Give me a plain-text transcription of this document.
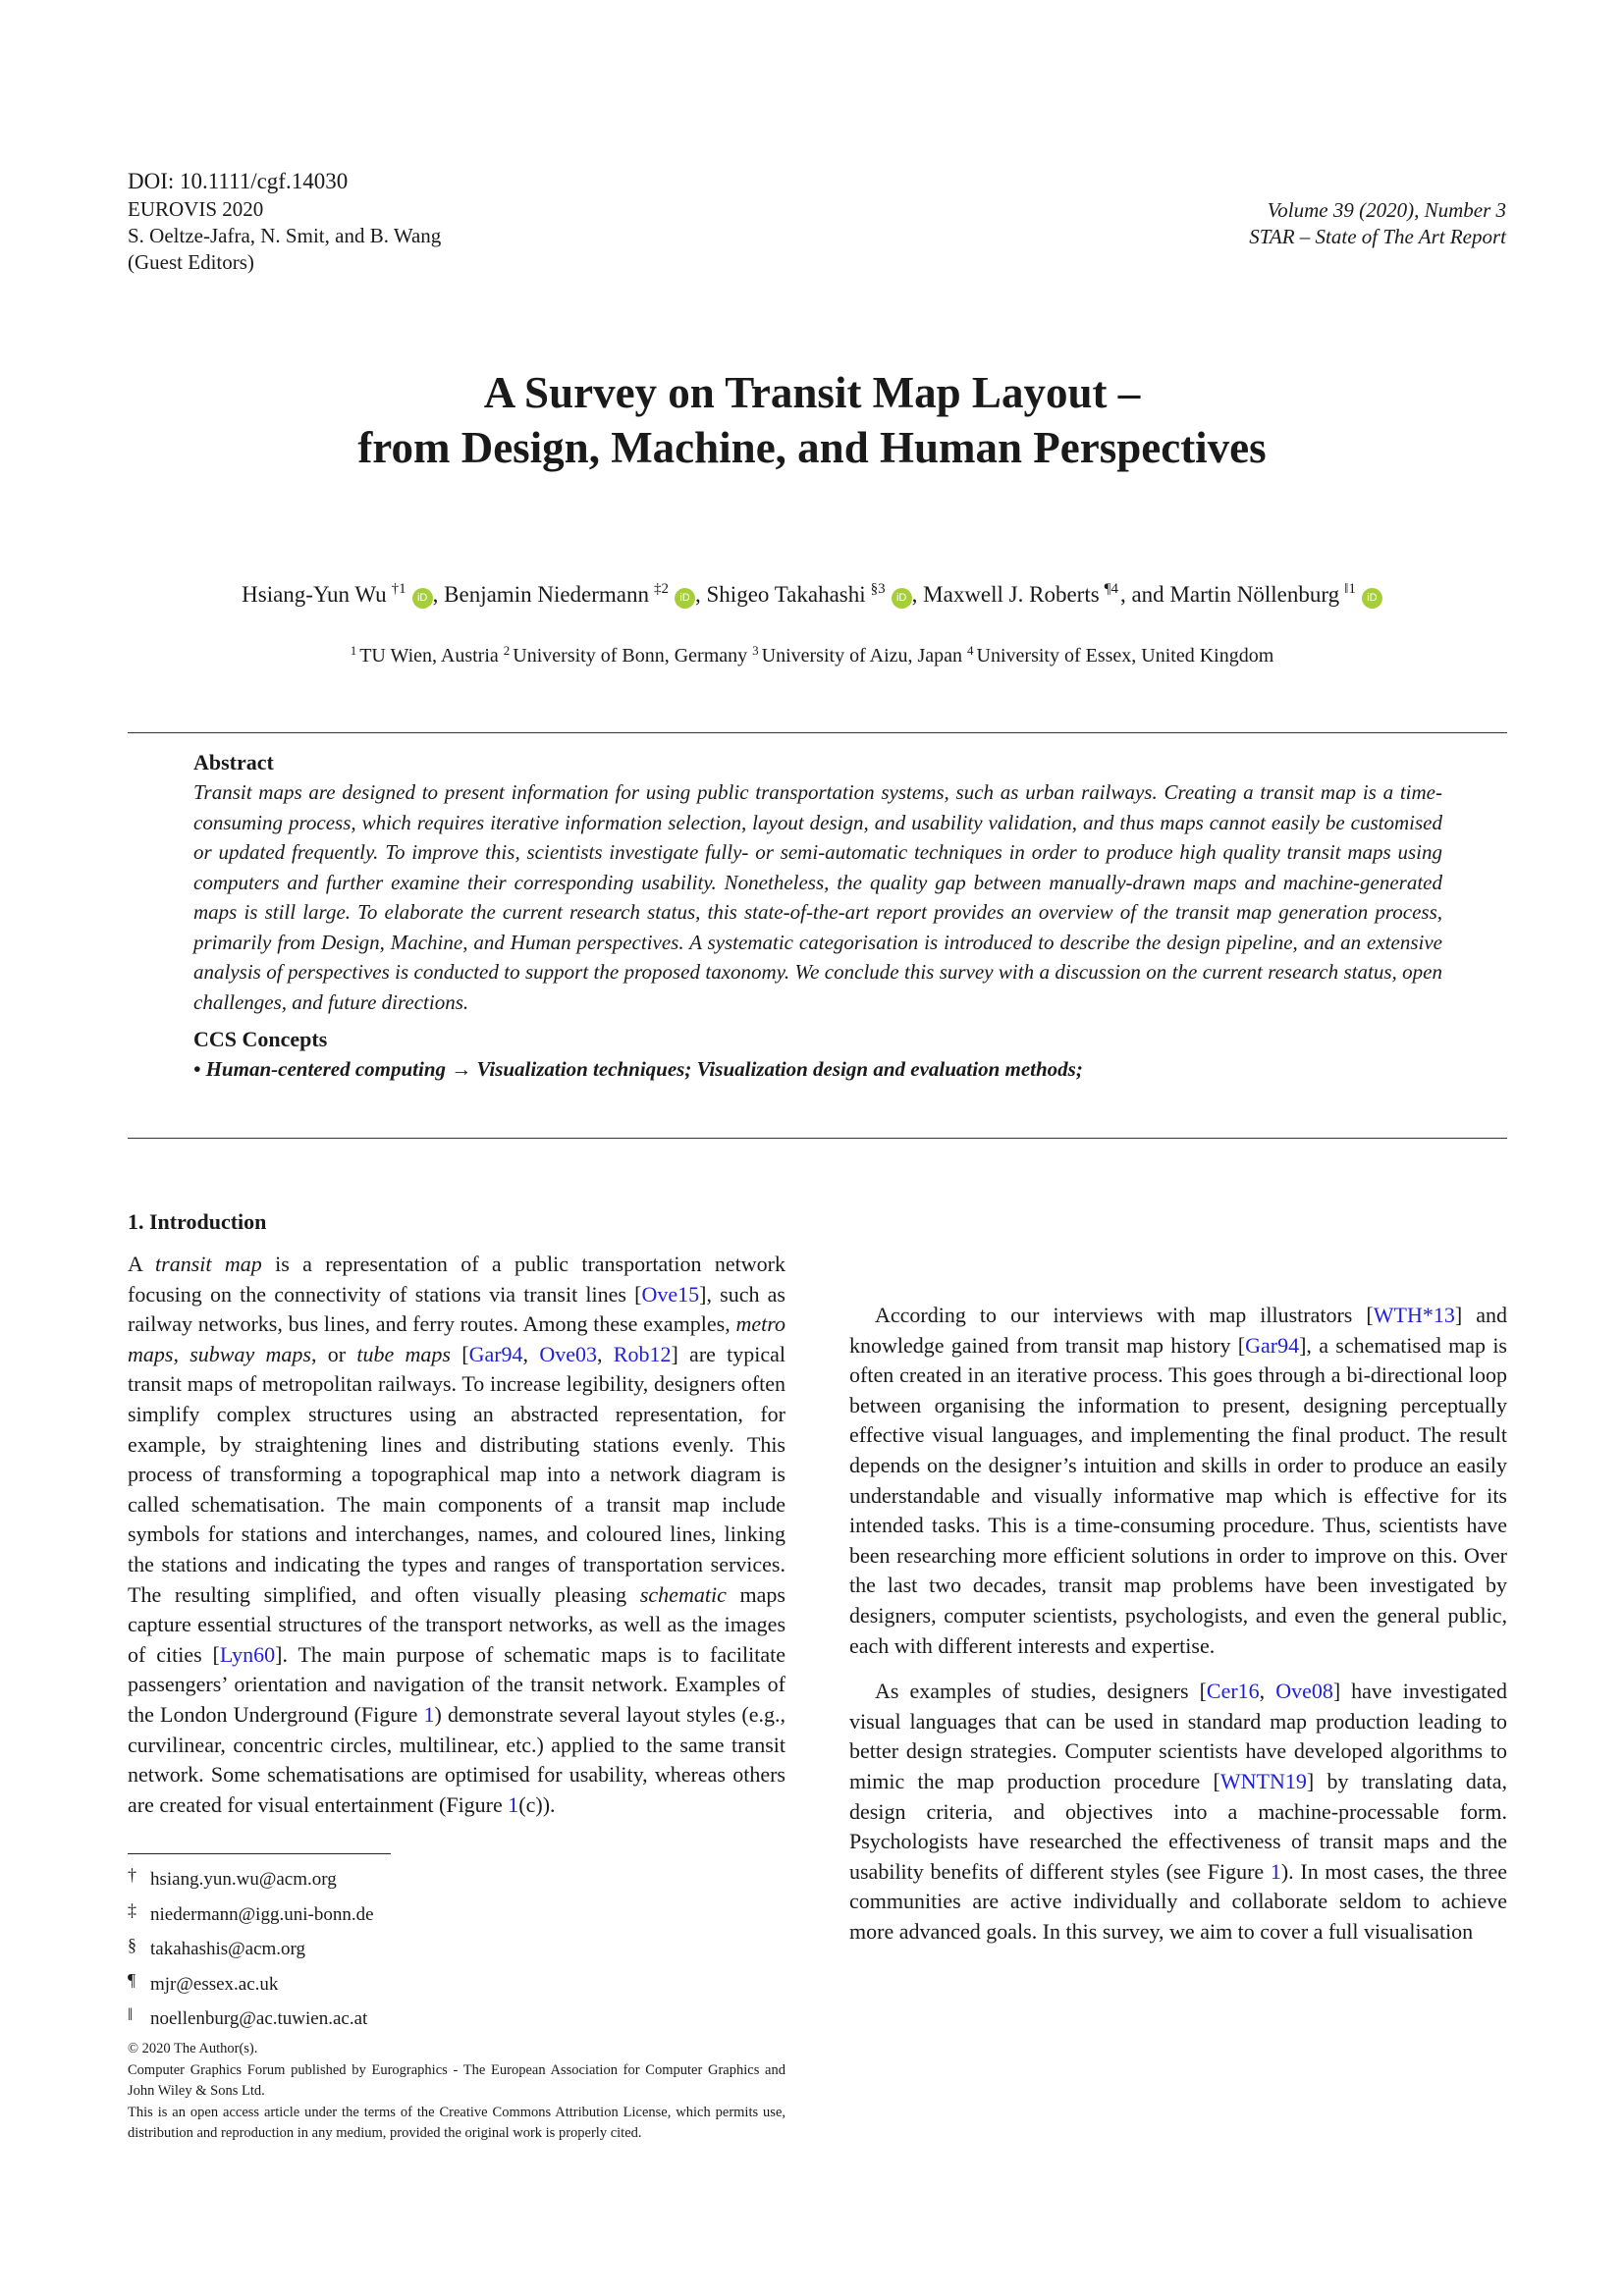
DOI: 10.1111/cgf.14030
EUROVIS 2020
S. Oeltze-Jafra, N. Smit, and B. Wang
(Guest Editors)
Volume 39 (2020), Number 3
STAR – State of The Art Report
A Survey on Transit Map Layout –
from Design, Machine, and Human Perspectives
Hsiang-Yun Wu $^{\dagger 1}$iD , Benjamin Niedermann $^{\ddagger 2}$iD , Shigeo Takahashi $^{\S 3}$iD , Maxwell J. Roberts $^{\P 4}$, and Martin Nöllenburg $^{‖1}$iD
$^1$ TU Wien, Austria $^2$ University of Bonn, Germany $^3$ University of Aizu, Japan $^4$ University of Essex, United Kingdom
Abstract

Transit maps are designed to present information for using public transportation systems, such as urban railways. Creating a transit map is a time-consuming process, which requires iterative information selection, layout design, and usability validation, and thus maps cannot easily be customised or updated frequently. To improve this, scientists investigate fully- or semi-automatic techniques in order to produce high quality transit maps using computers and further examine their corresponding usability. Nonetheless, the quality gap between manually-drawn maps and machine-generated maps is still large. To elaborate the current research status, this state-of-the-art report provides an overview of the transit map generation process, primarily from Design, Machine, and Human perspectives. A systematic categorisation is introduced to describe the design pipeline, and an extensive analysis of perspectives is conducted to support the proposed taxonomy. We conclude this survey with a discussion on the current research status, open challenges, and future directions.

CCS Concepts
• Human-centered computing → Visualization techniques; Visualization design and evaluation methods;
1. Introduction

A transit map is a representation of a public transportation network focusing on the connectivity of stations via transit lines [Ove15], such as railway networks, bus lines, and ferry routes. Among these examples, metro maps, subway maps, or tube maps [Gar94, Ove03, Rob12] are typical transit maps of metropolitan railways. To increase legibility, designers often simplify complex structures using an abstracted representation, for example, by straightening lines and distributing stations evenly. This process of transforming a topographical map into a network diagram is called schematisation. The main components of a transit map include symbols for stations and interchanges, names, and coloured lines, linking the stations and indicating the types and ranges of transportation services. The resulting simplified, and often visually pleasing schematic maps capture essential structures of the transport networks, as well as the images of cities [Lyn60]. The main purpose of schematic maps is to facilitate passengers’ orientation and navigation of the transit network. Examples of the London Underground (Figure 1) demonstrate several layout styles (e.g., curvilinear, concentric circles, multilinear, etc.) applied to the same transit network. Some schematisations are optimised for usability, whereas others are created for visual entertainment (Figure 1(c)).

According to our interviews with map illustrators [WTH*13] and knowledge gained from transit map history [Gar94], a schematised map is often created in an iterative process. This goes through a bi-directional loop between organising the information to present, designing perceptually effective visual languages, and implementing the final product. The result depends on the designer’s intuition and skills in order to produce an easily understandable and visually informative map which is effective for its intended tasks. This is a time-consuming procedure. Thus, scientists have been researching more efficient solutions in order to improve on this. Over the last two decades, transit map problems have been investigated by designers, computer scientists, psychologists, and even the general public, each with different interests and expertise.

As examples of studies, designers [Cer16, Ove08] have investigated visual languages that can be used in standard map production leading to better design strategies. Computer scientists have developed algorithms to mimic the map production procedure [WNTN19] by translating data, design criteria, and objectives into a machine-processable form. Psychologists have researched the effectiveness of transit maps and the usability benefits of different styles (see Figure 1). In most cases, the three communities are active individually and collaborate seldom to achieve more advanced goals. In this survey, we aim to cover a full visualisation

† hsiang.yun.wu@acm.org
‡ niedermann@igg.uni-bonn.de
§ takahashis@acm.org
¶ mjr@essex.ac.uk
‖ noellenburg@ac.tuwien.ac.at

© 2020 The Author(s).

Computer Graphics Forum published by Eurographics - The European Association for Computer Graphics and John Wiley & Sons Ltd.

This is an open access article under the terms of the Creative Commons Attribution License, which permits use, distribution and reproduction in any medium, provided the original work is properly cited.
